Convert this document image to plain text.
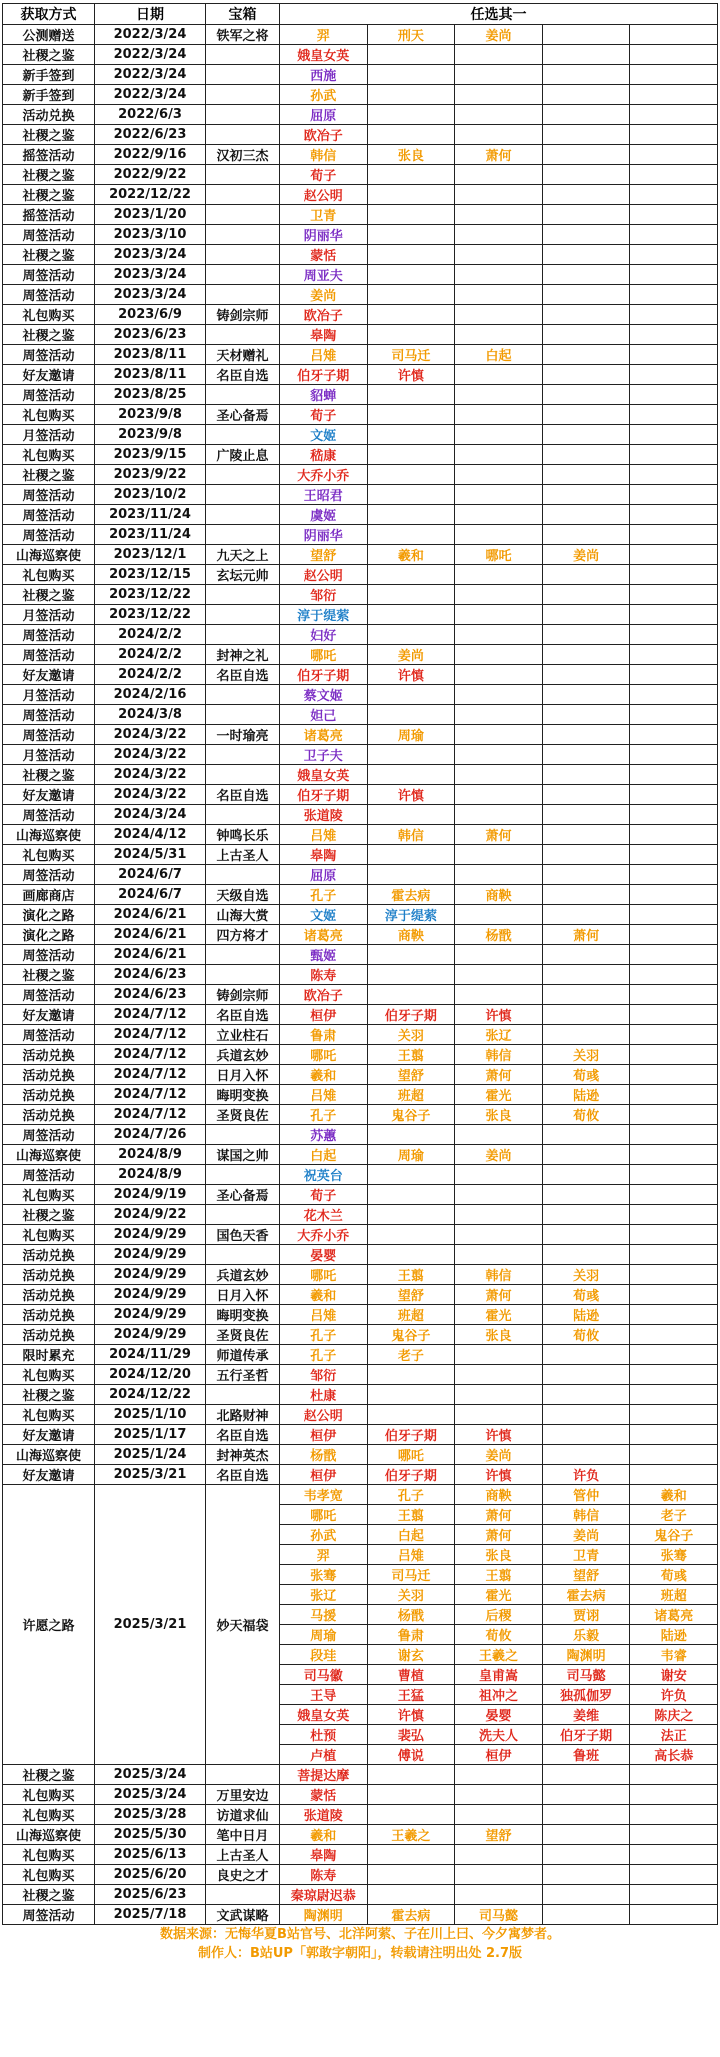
获取方式	日期	宝箱	任选其一				
公测赠送	2022/3/24	铁军之将	羿	刑天	姜尚		
社稷之鉴	2022/3/24		娥皇女英				
新手签到	2022/3/24		西施				
新手签到	2022/3/24		孙武				
活动兑换	2022/6/3		屈原				
社稷之鉴	2022/6/23		欧冶子				
摇签活动	2022/9/16	汉初三杰	韩信	张良	萧何		
社稷之鉴	2022/9/22		荀子				
社稷之鉴	2022/12/22		赵公明				
摇签活动	2023/1/20		卫青				
周签活动	2023/3/10		阴丽华				
社稷之鉴	2023/3/24		蒙恬				
周签活动	2023/3/24		周亚夫				
周签活动	2023/3/24		姜尚				
礼包购买	2023/6/9	铸剑宗师	欧冶子				
社稷之鉴	2023/6/23		皋陶				
周签活动	2023/8/11	天材赠礼	吕雉	司马迁	白起		
好友邀请	2023/8/11	名臣自选	伯牙子期	许慎			
周签活动	2023/8/25		貂蝉				
礼包购买	2023/9/8	圣心备焉	荀子				
月签活动	2023/9/8		文姬				
礼包购买	2023/9/15	广陵止息	嵇康				
社稷之鉴	2023/9/22		大乔小乔				
周签活动	2023/10/2		王昭君				
周签活动	2023/11/24		虞姬				
周签活动	2023/11/24		阴丽华				
山海巡察使	2023/12/1	九天之上	望舒	羲和	哪吒	姜尚	
礼包购买	2023/12/15	玄坛元帅	赵公明				
社稷之鉴	2023/12/22		邹衍				
月签活动	2023/12/22		淳于缇萦				
周签活动	2024/2/2		妇好				
周签活动	2024/2/2	封神之礼	哪吒	姜尚			
好友邀请	2024/2/2	名臣自选	伯牙子期	许慎			
月签活动	2024/2/16		蔡文姬				
周签活动	2024/3/8		妲己				
周签活动	2024/3/22	一时瑜亮	诸葛亮	周瑜			
月签活动	2024/3/22		卫子夫				
社稷之鉴	2024/3/22		娥皇女英				
好友邀请	2024/3/22	名臣自选	伯牙子期	许慎			
周签活动	2024/3/24		张道陵				
山海巡察使	2024/4/12	钟鸣长乐	吕雉	韩信	萧何		
礼包购买	2024/5/31	上古圣人	皋陶				
周签活动	2024/6/7		屈原				
画廊商店	2024/6/7	天级自选	孔子	霍去病	商鞅		
演化之路	2024/6/21	山海大赏	文姬	淳于缇萦			
演化之路	2024/6/21	四方将才	诸葛亮	商鞅	杨戬	萧何	
周签活动	2024/6/21		甄姬				
社稷之鉴	2024/6/23		陈寿				
周签活动	2024/6/23	铸剑宗师	欧冶子				
好友邀请	2024/7/12	名臣自选	桓伊	伯牙子期	许慎		
周签活动	2024/7/12	立业柱石	鲁肃	关羽	张辽		
活动兑换	2024/7/12	兵道玄妙	哪吒	王翦	韩信	关羽	
活动兑换	2024/7/12	日月入怀	羲和	望舒	萧何	荀彧	
活动兑换	2024/7/12	晦明变换	吕雉	班超	霍光	陆逊	
活动兑换	2024/7/12	圣贤良佐	孔子	鬼谷子	张良	荀攸	
周签活动	2024/7/26		苏蕙				
山海巡察使	2024/8/9	谋国之帅	白起	周瑜	姜尚		
周签活动	2024/8/9		祝英台				
礼包购买	2024/9/19	圣心备焉	荀子				
社稷之鉴	2024/9/22		花木兰				
礼包购买	2024/9/29	国色天香	大乔小乔				
活动兑换	2024/9/29		晏婴				
活动兑换	2024/9/29	兵道玄妙	哪吒	王翦	韩信	关羽	
活动兑换	2024/9/29	日月入怀	羲和	望舒	萧何	荀彧	
活动兑换	2024/9/29	晦明变换	吕雉	班超	霍光	陆逊	
活动兑换	2024/9/29	圣贤良佐	孔子	鬼谷子	张良	荀攸	
限时累充	2024/11/29	师道传承	孔子	老子			
礼包购买	2024/12/20	五行圣哲	邹衍				
社稷之鉴	2024/12/22		杜康				
礼包购买	2025/1/10	北路财神	赵公明				
好友邀请	2025/1/17	名臣自选	桓伊	伯牙子期	许慎		
山海巡察使	2025/1/24	封神英杰	杨戬	哪吒	姜尚		
好友邀请	2025/3/21	名臣自选	桓伊	伯牙子期	许慎	许负	
许愿之路	2025/3/21	妙天福袋	韦孝宽	孔子	商鞅	管仲	羲和
			哪吒	王翦	萧何	韩信	老子
			孙武	白起	萧何	姜尚	鬼谷子
			羿	吕雉	张良	卫青	张骞
			张骞	司马迁	王翦	望舒	荀彧
			张辽	关羽	霍光	霍去病	班超
			马援	杨戬	后稷	贾诩	诸葛亮
			周瑜	鲁肃	荀攸	乐毅	陆逊
			段珪	谢玄	王羲之	陶渊明	韦睿
			司马徽	曹植	皇甫嵩	司马懿	谢安
			王导	王猛	祖冲之	独孤伽罗	许负
			娥皇女英	许慎	晏婴	姜维	陈庆之
			杜预	裴弘	洗夫人	伯牙子期	法正
			卢植	傅说	桓伊	鲁班	高长恭
社稷之鉴	2025/3/24		菩提达摩				
礼包购买	2025/3/24	万里安边	蒙恬				
礼包购买	2025/3/28	访道求仙	张道陵				
山海巡察使	2025/5/30	笔中日月	羲和	王羲之	望舒		
礼包购买	2025/6/13	上古圣人	皋陶				
礼包购买	2025/6/20	良史之才	陈寿				
社稷之鉴	2025/6/23		秦琼尉迟恭				
周签活动	2025/7/18	文武谋略	陶渊明	霍去病	司马懿		
数据来源：无悔华夏B站官号、北洋阿萦、子在川上曰、今夕寓梦者。
制作人：B站UP「郭敢字朝阳」，转载请注明出处 2.7版
